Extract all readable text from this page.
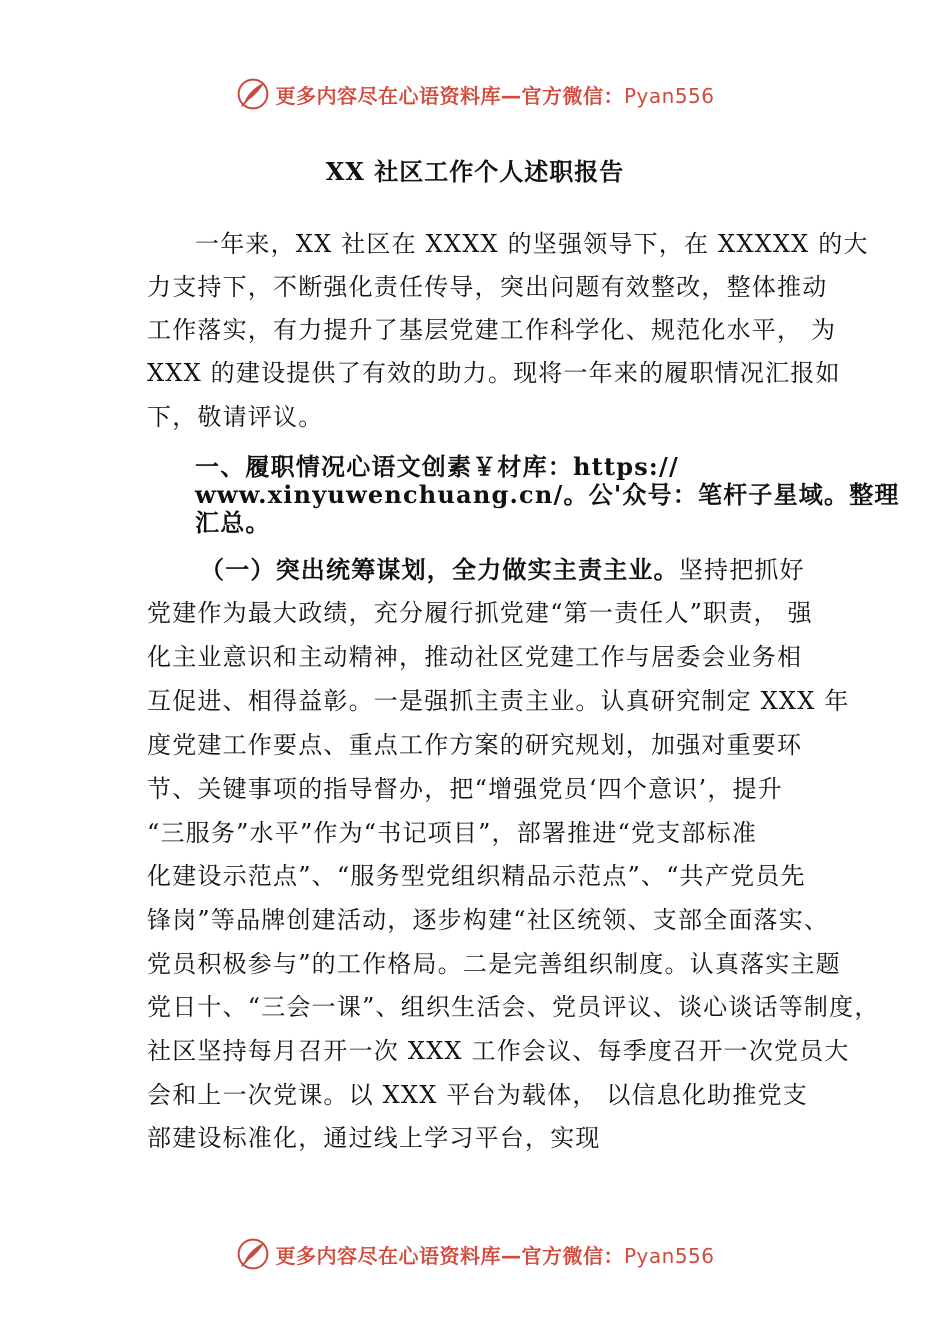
更多内容尽在心语资料库—官方微信：Pyan556
XX 社区工作个人述职报告
一年来，XX 社区在 XXXX 的坚强领导下，在 XXXXX 的大
力支持下，不断强化责任传导，突出问题有效整改，整体推动
工作落实，有力提升了基层党建工作科学化、规范化水平， 为
XXX 的建设提供了有效的助力。现将一年来的履职情况汇报如
下，敬请评议。
一、履职情况心语文创素￥材库：https://
www.xinyuwenchuang.cn/。公'众号：笔杆子星域。整理
汇总。
（一）突出统筹谋划，全力做实主责主业。坚持把抓好
党建作为最大政绩，充分履行抓党建“第一责任人”职责， 强
化主业意识和主动精神，推动社区党建工作与居委会业务相
互促进、相得益彰。一是强抓主责主业。认真研究制定 XXX 年
度党建工作要点、重点工作方案的研究规划，加强对重要环
节、关键事项的指导督办，把“增强党员‘四个意识’，提升
“三服务”水平”作为“书记项目”，部署推进“党支部标准
化建设示范点”、“服务型党组织精品示范点”、“共产党员先
锋岗”等品牌创建活动，逐步构建“社区统领、支部全面落实、
党员积极参与”的工作格局。二是完善组织制度。认真落实主题
党日十、“三会一课”、组织生活会、党员评议、谈心谈话等制度，
社区坚持每月召开一次 XXX 工作会议、每季度召开一次党员大
会和上一次党课。以 XXX 平台为载体， 以信息化助推党支
部建设标准化，通过线上学习平台，实现
更多内容尽在心语资料库—官方微信：Pyan556
